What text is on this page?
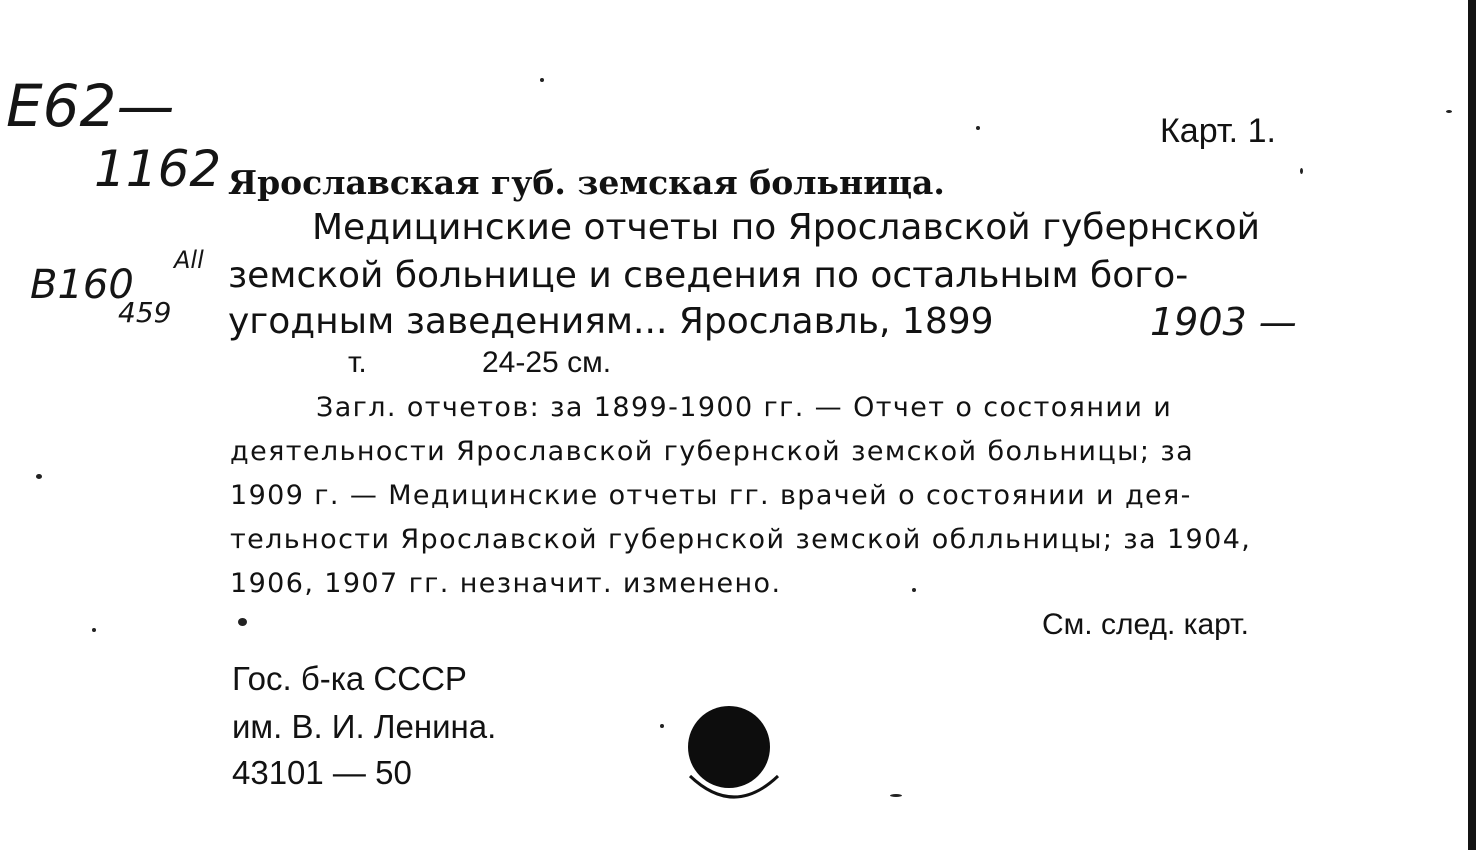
E62—
1162
B160
All
459
Карт. 1.
Ярославская губ. земская больница.
Медицинские отчеты по Ярославской губернской
земской больнице и сведения по остальным бого-
угодным заведениям... Ярославль, 1899	1903 —
т.	24-25 см.
Загл. отчетов: за 1899-1900 гг. — Отчет о состоянии и
деятельности Ярославской губернской земской больницы; за
1909 г. — Медицинские отчеты гг. врачей о состоянии и дея-
тельности Ярославской губернской земской облльницы; за 1904,
1906, 1907 гг. незначит. изменено.
См. след. карт.
Гос. б-ка СССР
им. В. И. Ленина.
43101 — 50
